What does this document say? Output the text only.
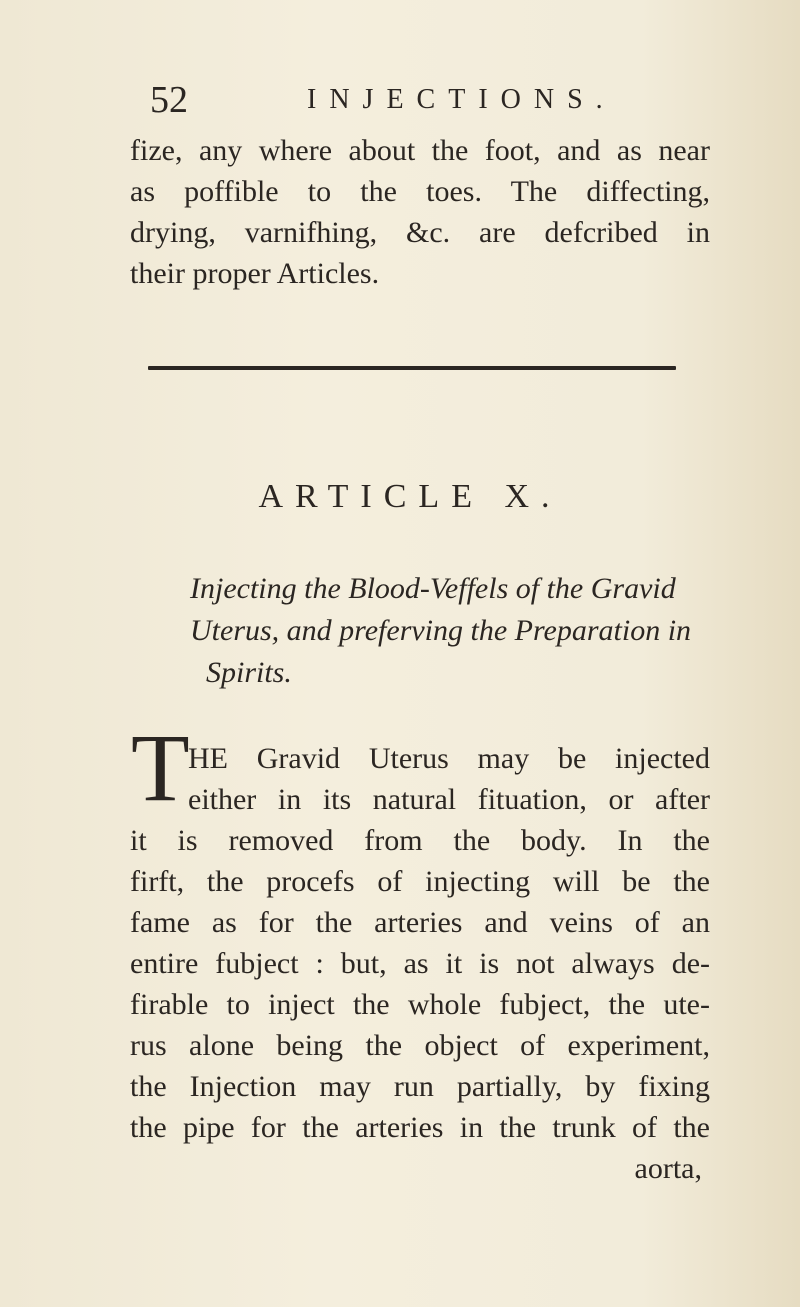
52	INJECTIONS.
fize, any where about the foot, and as near
as poffible to the toes. The diffecting,
drying, varnifhing, &c. are defcribed in
their proper Articles.
ARTICLE X.
Injecting the Blood-Veffels of the Gravid
Uterus, and preferving the Preparation in
Spirits.
T
HE Gravid Uterus may be injected
either in its natural fituation, or after
it is removed from the body. In the
firft, the procefs of injecting will be the
fame as for the arteries and veins of an
entire fubject : but, as it is not always de-
firable to inject the whole fubject, the ute-
rus alone being the object of experiment,
the Injection may run partially, by fixing
the pipe for the arteries in the trunk of the
aorta,
